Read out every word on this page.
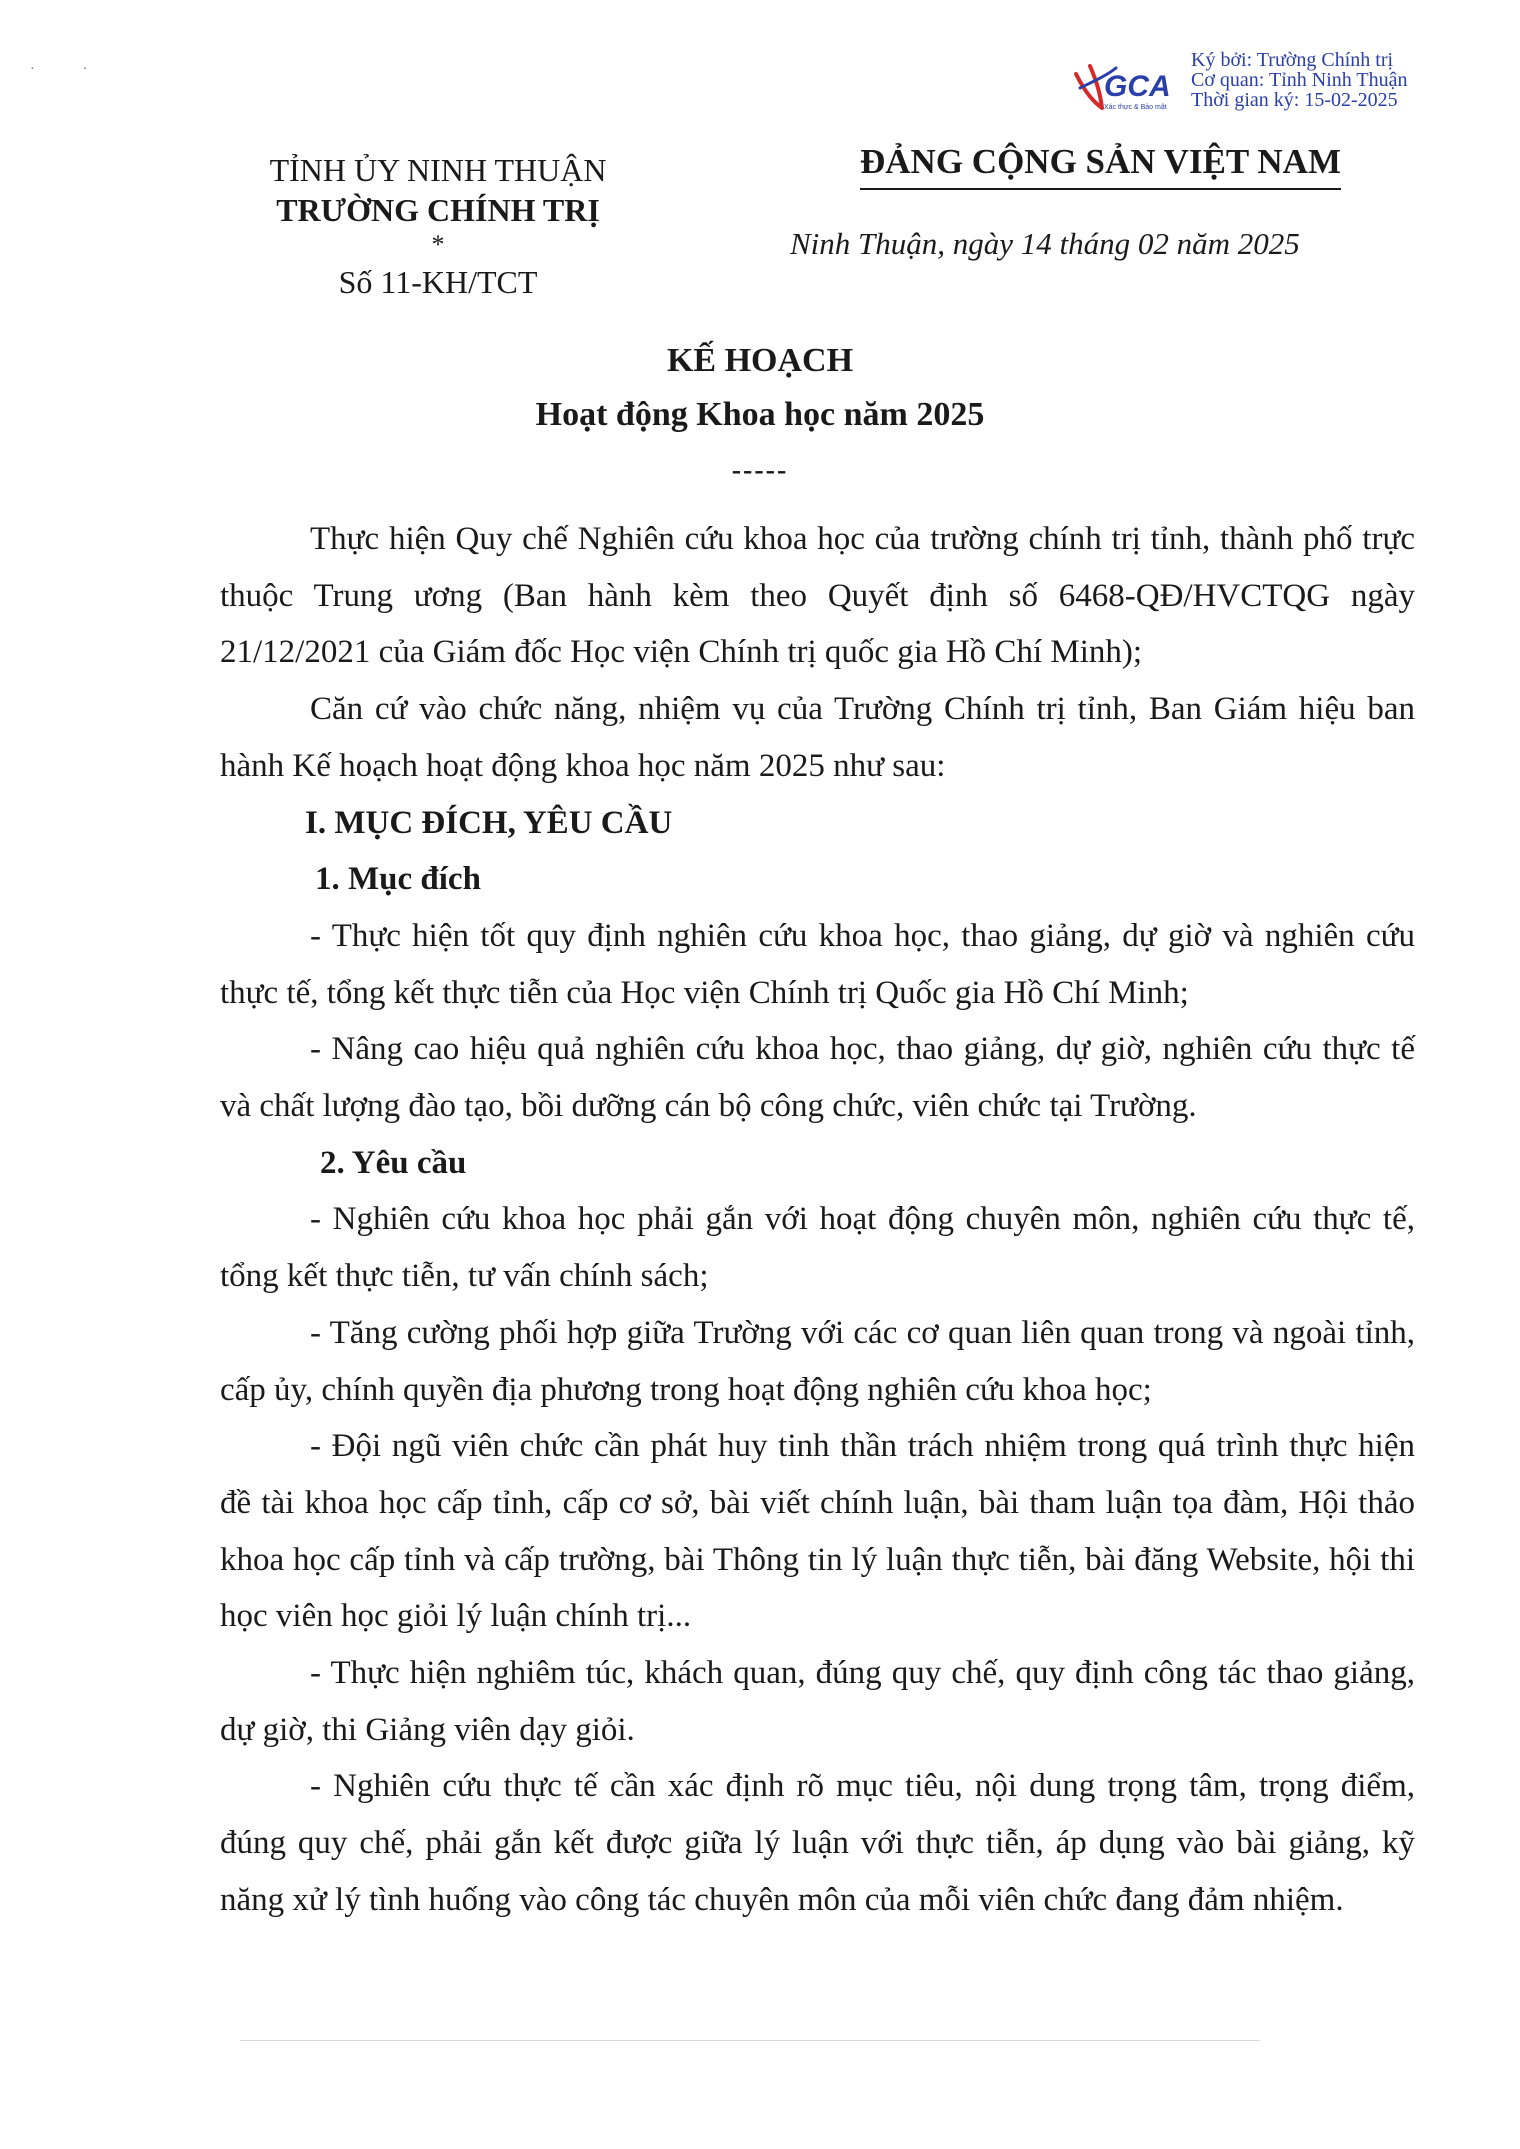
··
GCA
Xác thực & Bảo mật
Ký bởi: Trường Chính trị
Cơ quan: Tỉnh Ninh Thuận
Thời gian ký: 15-02-2025
TỈNH ỦY NINH THUẬN
TRƯỜNG CHÍNH TRỊ
*
Số 11-KH/TCT
ĐẢNG CỘNG SẢN VIỆT NAM
Ninh Thuận, ngày 14 tháng 02 năm 2025
KẾ HOẠCH
Hoạt động Khoa học năm 2025
-----

Thực hiện Quy chế Nghiên cứu khoa học của trường chính trị tỉnh, thành phố trực thuộc Trung ương (Ban hành kèm theo Quyết định số 6468-QĐ/HVCTQG ngày 21/12/2021 của Giám đốc Học viện Chính trị quốc gia Hồ Chí Minh);

Căn cứ vào chức năng, nhiệm vụ của Trường Chính trị tỉnh, Ban Giám hiệu ban hành Kế hoạch hoạt động khoa học năm 2025 như sau:

I. MỤC ĐÍCH, YÊU CẦU

1. Mục đích

- Thực hiện tốt quy định nghiên cứu khoa học, thao giảng, dự giờ và nghiên cứu thực tế, tổng kết thực tiễn của Học viện Chính trị Quốc gia Hồ Chí Minh;

- Nâng cao hiệu quả nghiên cứu khoa học, thao giảng, dự giờ, nghiên cứu thực tế và chất lượng đào tạo, bồi dưỡng cán bộ công chức, viên chức tại Trường.

2. Yêu cầu

- Nghiên cứu khoa học phải gắn với hoạt động chuyên môn, nghiên cứu thực tế, tổng kết thực tiễn, tư vấn chính sách;

- Tăng cường phối hợp giữa Trường với các cơ quan liên quan trong và ngoài tỉnh, cấp ủy, chính quyền địa phương trong hoạt động nghiên cứu khoa học;

- Đội ngũ viên chức cần phát huy tinh thần trách nhiệm trong quá trình thực hiện đề tài khoa học cấp tỉnh, cấp cơ sở, bài viết chính luận, bài tham luận tọa đàm, Hội thảo khoa học cấp tỉnh và cấp trường, bài Thông tin lý luận thực tiễn, bài đăng Website, hội thi học viên học giỏi lý luận chính trị...

- Thực hiện nghiêm túc, khách quan, đúng quy chế, quy định công tác thao giảng, dự giờ, thi Giảng viên dạy giỏi.

- Nghiên cứu thực tế cần xác định rõ mục tiêu, nội dung trọng tâm, trọng điểm, đúng quy chế, phải gắn kết được giữa lý luận với thực tiễn, áp dụng vào bài giảng, kỹ năng xử lý tình huống vào công tác chuyên môn của mỗi viên chức đang đảm nhiệm.
